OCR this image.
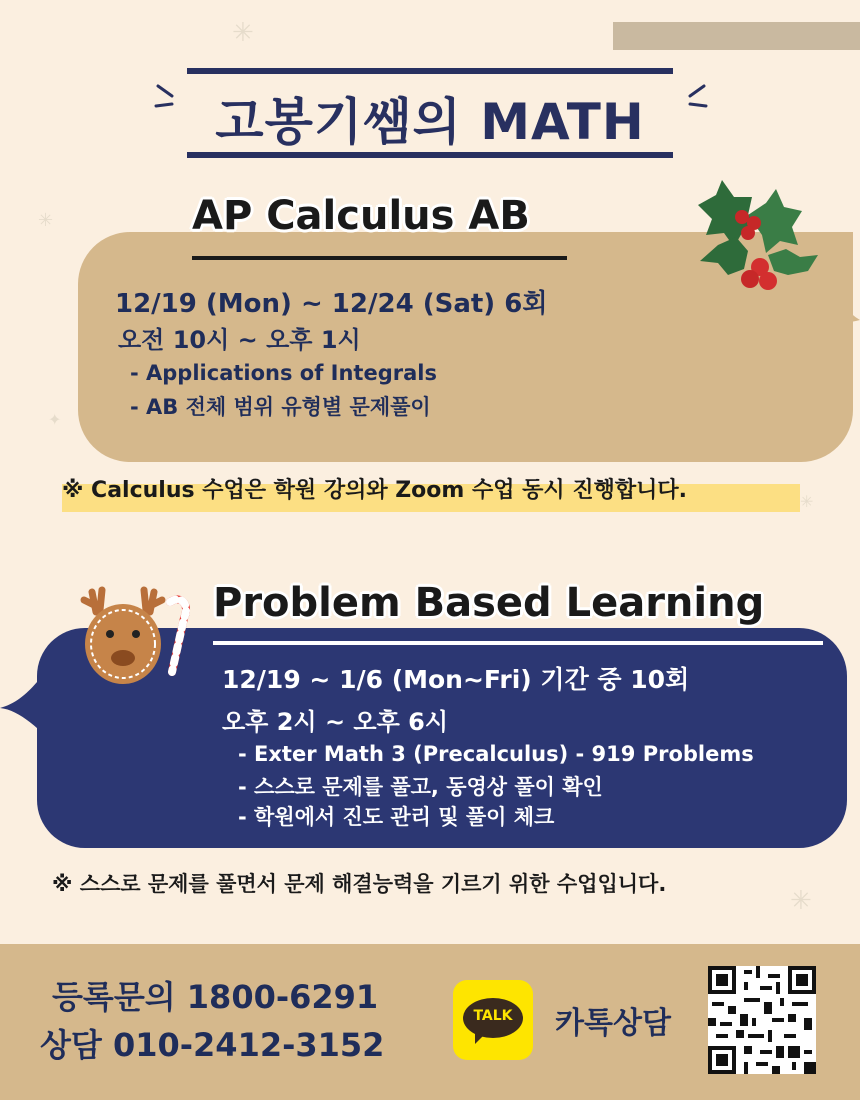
✳
✳
✦
✳
✳
고봉기쌤의 MATH
AP Calculus AB
12/19 (Mon) ~ 12/24 (Sat) 6회
오전 10시 ~ 오후 1시
- Applications of Integrals
- AB 전체 범위 유형별 문제풀이
※ Calculus 수업은 학원 강의와 Zoom 수업 동시 진행합니다.
Problem Based Learning
12/19 ~ 1/6 (Mon~Fri) 기간 중 10회
오후 2시 ~ 오후 6시
- Exter Math 3 (Precalculus) - 919 Problems
- 스스로 문제를 풀고, 동영상 풀이 확인
- 학원에서 진도 관리 및 풀이 체크
※ 스스로 문제를 풀면서 문제 해결능력을 기르기 위한 수업입니다.
등록문의 1800-6291
상담 010-2412-3152
TALK	카톡상담
